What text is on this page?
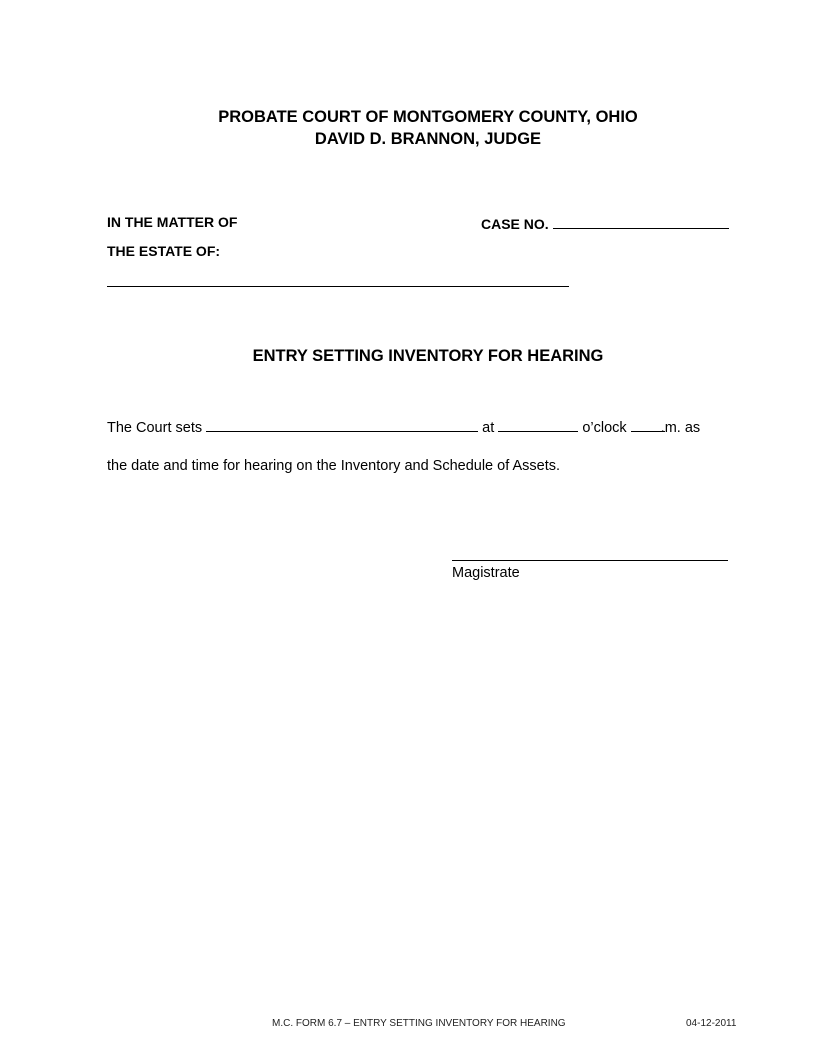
PROBATE COURT OF MONTGOMERY COUNTY, OHIO
DAVID D. BRANNON, JUDGE
IN THE MATTER OF	CASE NO.
THE ESTATE OF:
ENTRY SETTING INVENTORY FOR HEARING
The Court sets	at	o’clock .m. as
the date and time for hearing on the Inventory and Schedule of Assets.
Magistrate
M.C. FORM 6.7 – ENTRY SETTING INVENTORY FOR HEARING	04-12-2011
